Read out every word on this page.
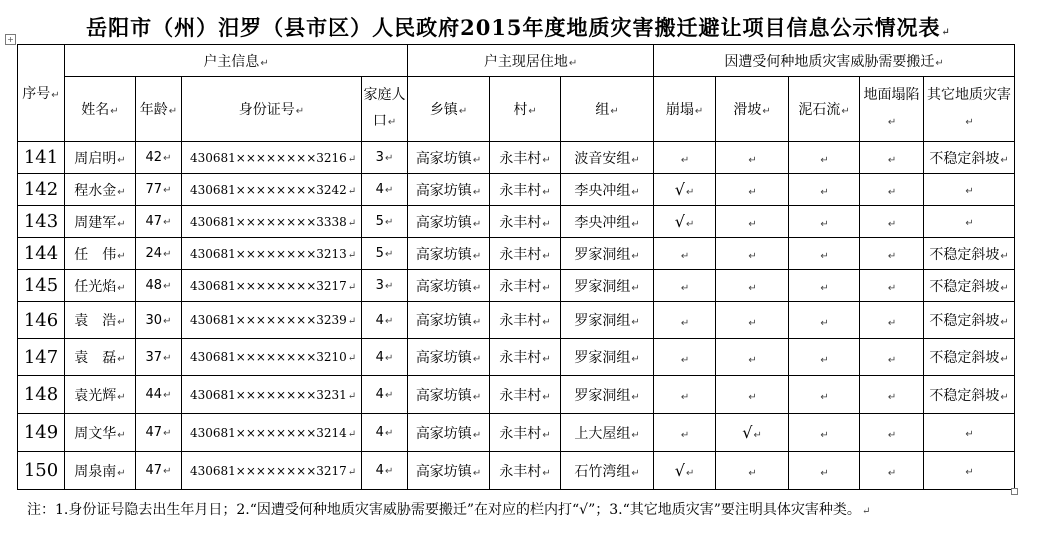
岳阳市（州）汨罗（县市区）人民政府2015年度地质灾害搬迁避让项目信息公示情况表↵
+
序号↵	户主信息↵				户主现居住地↵			因遭受何种地质灾害威胁需要搬迁↵				
	姓名↵	年龄↵	身份证号↵	家庭人口↵	乡镇↵	村↵	组↵	崩塌↵	滑坡↵	泥石流↵	地面塌陷↵	其它地质灾害↵
141	周启明↵	42↵	430681××××××××3216↵	3↵	高家坊镇↵	永丰村↵	波音安组↵	↵	↵	↵	↵	不稳定斜坡↵
142	程水金↵	77↵	430681××××××××3242↵	4↵	高家坊镇↵	永丰村↵	李央冲组↵	√↵	↵	↵	↵	↵
143	周建军↵	47↵	430681××××××××3338↵	5↵	高家坊镇↵	永丰村↵	李央冲组↵	√↵	↵	↵	↵	↵
144	任　伟↵	24↵	430681××××××××3213↵	5↵	高家坊镇↵	永丰村↵	罗家洞组↵	↵	↵	↵	↵	不稳定斜坡↵
145	任光焰↵	48↵	430681××××××××3217↵	3↵	高家坊镇↵	永丰村↵	罗家洞组↵	↵	↵	↵	↵	不稳定斜坡↵
146	袁　浩↵	30↵	430681××××××××3239↵	4↵	高家坊镇↵	永丰村↵	罗家洞组↵	↵	↵	↵	↵	不稳定斜坡↵
147	袁　磊↵	37↵	430681××××××××3210↵	4↵	高家坊镇↵	永丰村↵	罗家洞组↵	↵	↵	↵	↵	不稳定斜坡↵
148	袁光辉↵	44↵	430681××××××××3231↵	4↵	高家坊镇↵	永丰村↵	罗家洞组↵	↵	↵	↵	↵	不稳定斜坡↵
149	周文华↵	47↵	430681××××××××3214↵	4↵	高家坊镇↵	永丰村↵	上大屋组↵	↵	√↵	↵	↵	↵
150	周泉南↵	47↵	430681××××××××3217↵	4↵	高家坊镇↵	永丰村↵	石竹湾组↵	√↵	↵	↵	↵	↵
注：1.身份证号隐去出生年月日；2.“因遭受何种地质灾害威胁需要搬迁”在对应的栏内打“√”；3.“其它地质灾害”要注明具体灾害种类。↵
